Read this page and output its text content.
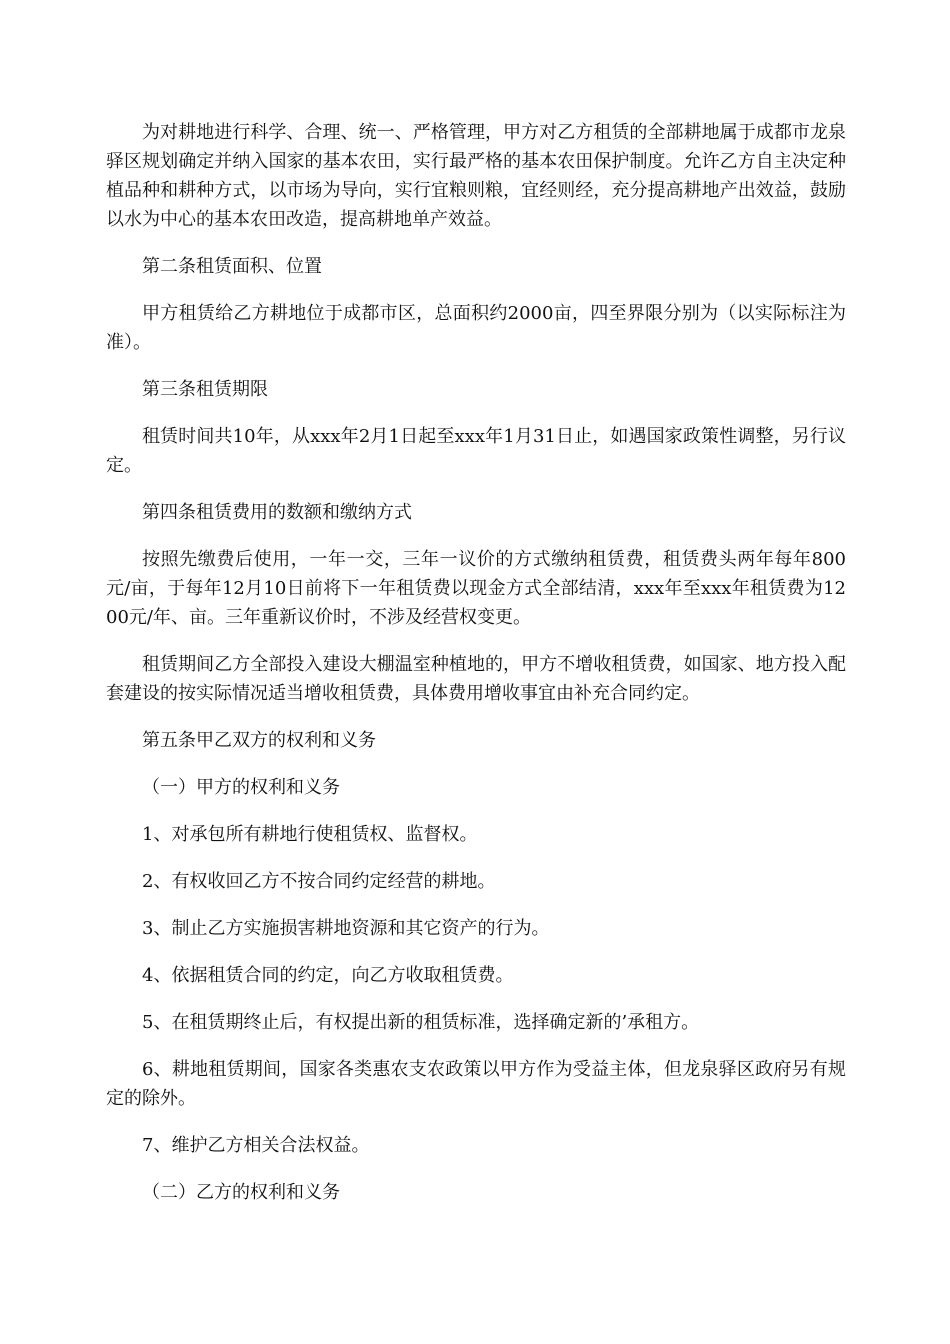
为对耕地进行科学、合理、统一、严格管理，甲方对乙方租赁的全部耕地属于成都市龙泉驿区规划确定并纳入国家的基本农田，实行最严格的基本农田保护制度。允许乙方自主决定种植品种和耕种方式，以市场为导向，实行宜粮则粮，宜经则经，充分提高耕地产出效益，鼓励以水为中心的基本农田改造，提高耕地单产效益。

第二条租赁面积、位置

甲方租赁给乙方耕地位于成都市区，总面积约2000亩，四至界限分别为（以实际标注为准）。

第三条租赁期限

租赁时间共10年，从xxx年2月1日起至xxx年1月31日止，如遇国家政策性调整，另行议定。

第四条租赁费用的数额和缴纳方式

按照先缴费后使用，一年一交，三年一议价的方式缴纳租赁费，租赁费头两年每年800元/亩，于每年12月10日前将下一年租赁费以现金方式全部结清，xxx年至xxx年租赁费为1200元/年、亩。三年重新议价时，不涉及经营权变更。

租赁期间乙方全部投入建设大棚温室种植地的，甲方不增收租赁费，如国家、地方投入配套建设的按实际情况适当增收租赁费，具体费用增收事宜由补充合同约定。

第五条甲乙双方的权利和义务

（一）甲方的权利和义务

1、对承包所有耕地行使租赁权、监督权。

2、有权收回乙方不按合同约定经营的耕地。

3、制止乙方实施损害耕地资源和其它资产的行为。

4、依据租赁合同的约定，向乙方收取租赁费。

5、在租赁期终止后，有权提出新的租赁标准，选择确定新的’承租方。

6、耕地租赁期间，国家各类惠农支农政策以甲方作为受益主体，但龙泉驿区政府另有规定的除外。

7、维护乙方相关合法权益。

（二）乙方的权利和义务
